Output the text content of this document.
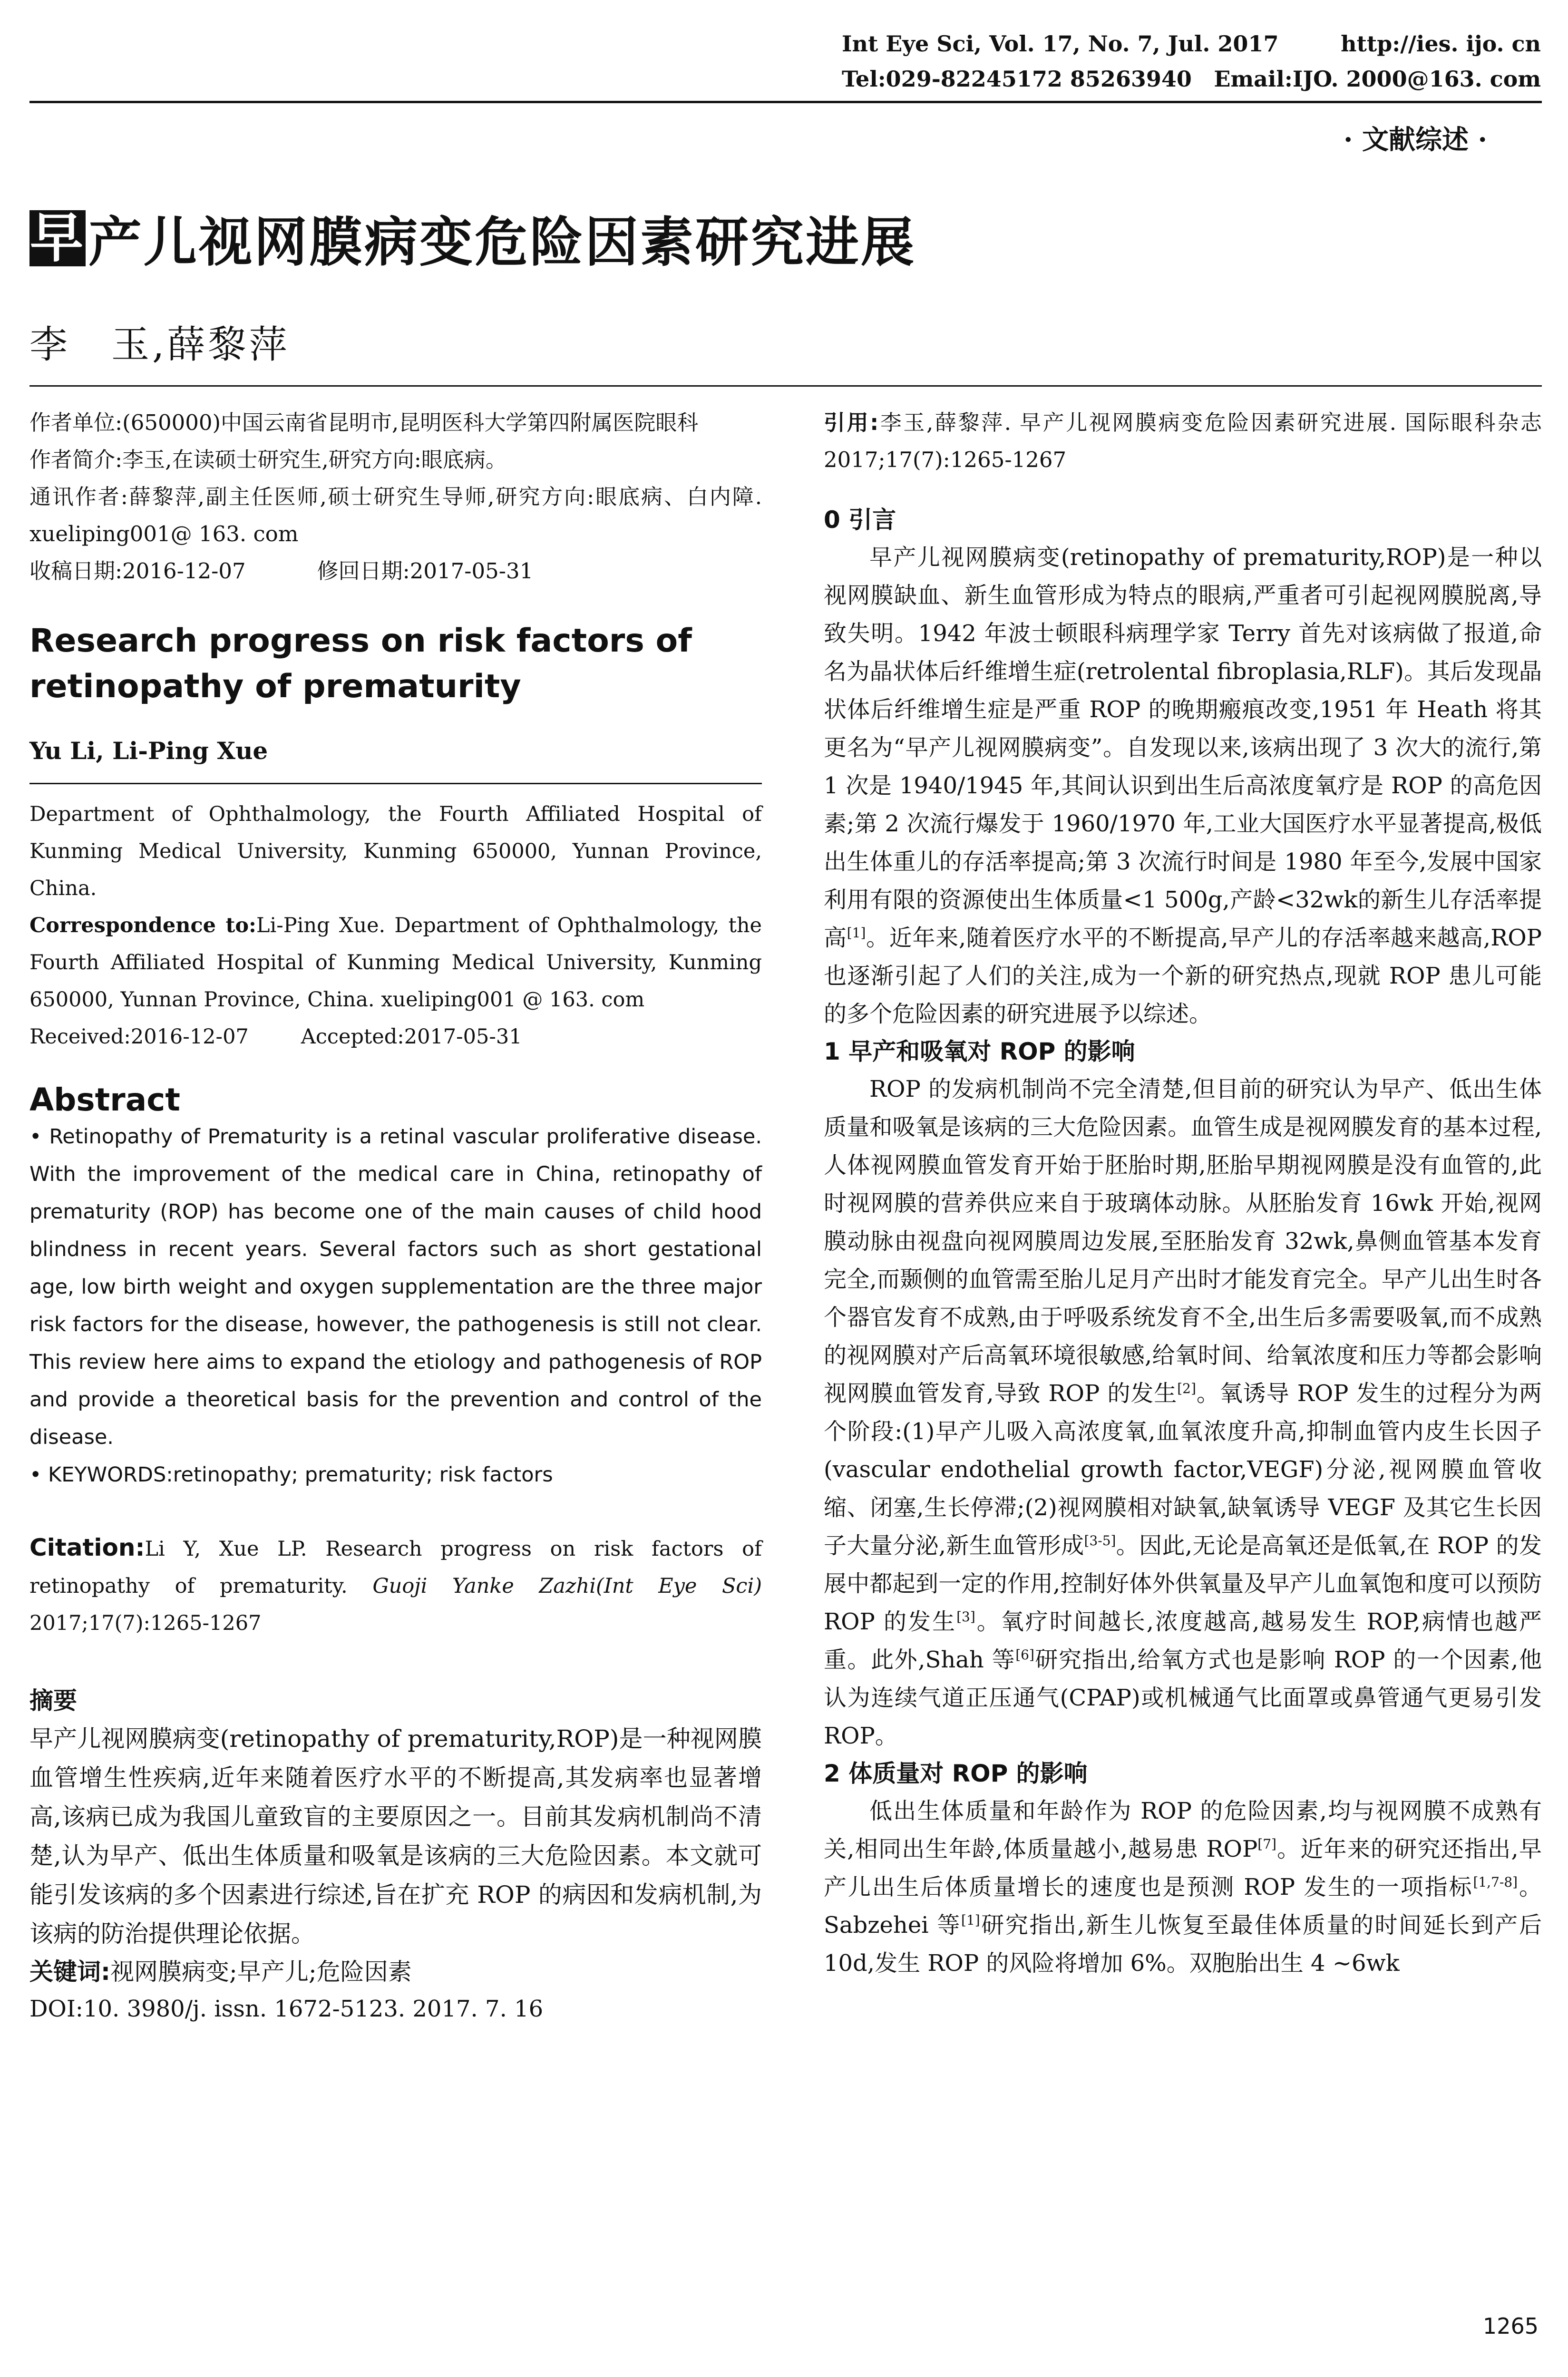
Int Eye Sci, Vol. 17, No. 7, Jul. 2017	http://ies. ijo. cn
Tel:029-82245172 85263940 Email:IJO. 2000@163. com
· 文献综述 ·
早 产儿视网膜病变危险因素研究进展
李　玉,薛黎萍

作者单位:(650000)中国云南省昆明市,昆明医科大学第四附属医院眼科

作者简介:李玉,在读硕士研究生,研究方向:眼底病。

通讯作者:薛黎萍,副主任医师,硕士研究生导师,研究方向:眼底病、白内障. xueliping001@ 163. com

收稿日期:2016-12-07	修回日期:2017-05-31

Research progress on risk factors of retinopathy of prematurity

Yu Li, Li-Ping Xue

Department of Ophthalmology, the Fourth Affiliated Hospital of Kunming Medical University, Kunming 650000, Yunnan Province, China.

Correspondence to:Li-Ping Xue. Department of Ophthalmology, the Fourth Affiliated Hospital of Kunming Medical University, Kunming 650000, Yunnan Province, China. xueliping001 @ 163. com

Received:2016-12-07	Accepted:2017-05-31

Abstract

• Retinopathy of Prematurity is a retinal vascular proliferative disease. With the improvement of the medical care in China, retinopathy of prematurity (ROP) has become one of the main causes of child hood blindness in recent years. Several factors such as short gestational age, low birth weight and oxygen supplementation are the three major risk factors for the disease, however, the pathogenesis is still not clear. This review here aims to expand the etiology and pathogenesis of ROP and provide a theoretical basis for the prevention and control of the disease.

• KEYWORDS:retinopathy; prematurity; risk factors

Citation:Li Y, Xue LP. Research progress on risk factors of retinopathy of prematurity. Guoji Yanke Zazhi(Int Eye Sci) 2017;17(7):1265-1267

摘要

早产儿视网膜病变(retinopathy of prematurity,ROP)是一种视网膜血管增生性疾病,近年来随着医疗水平的不断提高,其发病率也显著增高,该病已成为我国儿童致盲的主要原因之一。目前其发病机制尚不清楚,认为早产、低出生体质量和吸氧是该病的三大危险因素。本文就可能引发该病的多个因素进行综述,旨在扩充 ROP 的病因和发病机制,为该病的防治提供理论依据。

关键词:视网膜病变;早产儿;危险因素

DOI:10. 3980/j. issn. 1672-5123. 2017. 7. 16

引用:李玉,薛黎萍. 早产儿视网膜病变危险因素研究进展. 国际眼科杂志 2017;17(7):1265-1267

0 引言

早产儿视网膜病变(retinopathy of prematurity,ROP)是一种以视网膜缺血、新生血管形成为特点的眼病,严重者可引起视网膜脱离,导致失明。1942 年波士顿眼科病理学家 Terry 首先对该病做了报道,命名为晶状体后纤维增生症(retrolental fibroplasia,RLF)。其后发现晶状体后纤维增生症是严重 ROP 的晚期瘢痕改变,1951 年 Heath 将其更名为“早产儿视网膜病变”。自发现以来,该病出现了 3 次大的流行,第 1 次是 1940/1945 年,其间认识到出生后高浓度氧疗是 ROP 的高危因素;第 2 次流行爆发于 1960/1970 年,工业大国医疗水平显著提高,极低出生体重儿的存活率提高;第 3 次流行时间是 1980 年至今,发展中国家利用有限的资源使出生体质量<1 500g,产龄<32wk的新生儿存活率提高[1]。近年来,随着医疗水平的不断提高,早产儿的存活率越来越高,ROP 也逐渐引起了人们的关注,成为一个新的研究热点,现就 ROP 患儿可能的多个危险因素的研究进展予以综述。

1 早产和吸氧对 ROP 的影响

ROP 的发病机制尚不完全清楚,但目前的研究认为早产、低出生体质量和吸氧是该病的三大危险因素。血管生成是视网膜发育的基本过程,人体视网膜血管发育开始于胚胎时期,胚胎早期视网膜是没有血管的,此时视网膜的营养供应来自于玻璃体动脉。从胚胎发育 16wk 开始,视网膜动脉由视盘向视网膜周边发展,至胚胎发育 32wk,鼻侧血管基本发育完全,而颞侧的血管需至胎儿足月产出时才能发育完全。早产儿出生时各个器官发育不成熟,由于呼吸系统发育不全,出生后多需要吸氧,而不成熟的视网膜对产后高氧环境很敏感,给氧时间、给氧浓度和压力等都会影响视网膜血管发育,导致 ROP 的发生[2]。氧诱导 ROP 发生的过程分为两个阶段:(1)早产儿吸入高浓度氧,血氧浓度升高,抑制血管内皮生长因子(vascular endothelial growth factor,VEGF)分泌,视网膜血管收缩、闭塞,生长停滞;(2)视网膜相对缺氧,缺氧诱导 VEGF 及其它生长因子大量分泌,新生血管形成[3-5]。因此,无论是高氧还是低氧,在 ROP 的发展中都起到一定的作用,控制好体外供氧量及早产儿血氧饱和度可以预防 ROP 的发生[3]。氧疗时间越长,浓度越高,越易发生 ROP,病情也越严重。此外,Shah 等[6]研究指出,给氧方式也是影响 ROP 的一个因素,他认为连续气道正压通气(CPAP)或机械通气比面罩或鼻管通气更易引发 ROP。

2 体质量对 ROP 的影响

低出生体质量和年龄作为 ROP 的危险因素,均与视网膜不成熟有关,相同出生年龄,体质量越小,越易患 ROP[7]。近年来的研究还指出,早产儿出生后体质量增长的速度也是预测 ROP 发生的一项指标[1,7-8]。Sabzehei 等[1]研究指出,新生儿恢复至最佳体质量的时间延长到产后 10d,发生 ROP 的风险将增加 6%。双胞胎出生 4 ~6wk

1265
